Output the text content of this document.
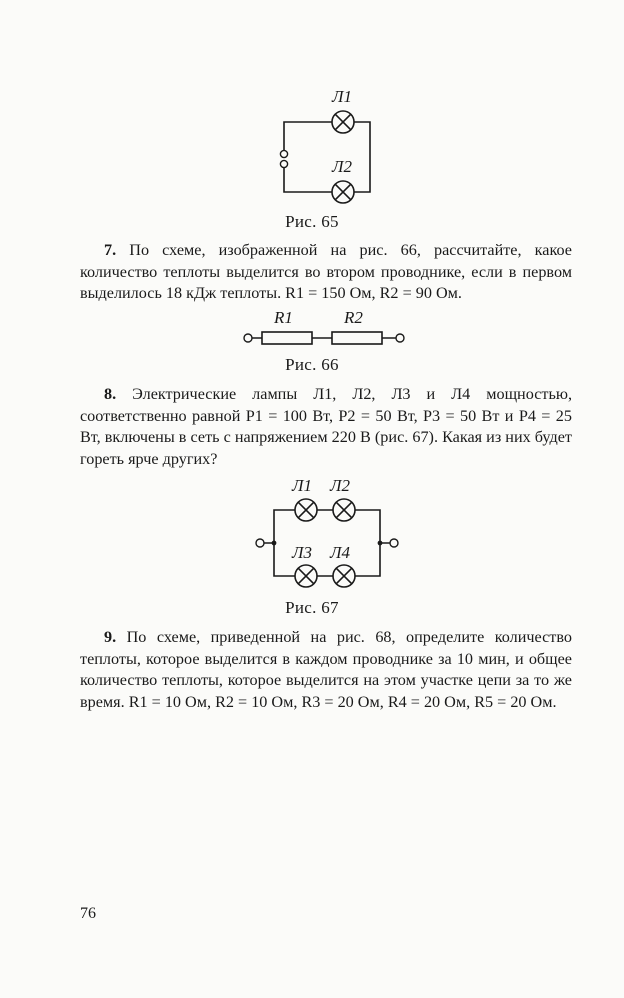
Л1
Л2
Рис. 65
7. По схеме, изображенной на рис. 66, рассчитайте, какое количество теплоты выделится во втором проводнике, если в первом выделилось 18 кДж теплоты. R1 = 150 Ом, R2 = 90 Ом.
R1	R2
Рис. 66
8. Электрические лампы Л1, Л2, Л3 и Л4 мощностью, соответственно равной P1 = 100 Вт, P2 = 50 Вт, P3 = 50 Вт и P4 = 25 Вт, включены в сеть с напряжением 220 В (рис. 67). Какая из них будет гореть ярче других?
Л1 Л2
Л3 Л4
Рис. 67
9. По схеме, приведенной на рис. 68, определите количество теплоты, которое выделится в каждом проводнике за 10 мин, и общее количество теплоты, которое выделится на этом участке цепи за то же время. R1 = 10 Ом, R2 = 10 Ом, R3 = 20 Ом, R4 = 20 Ом, R5 = 20 Ом.
76
